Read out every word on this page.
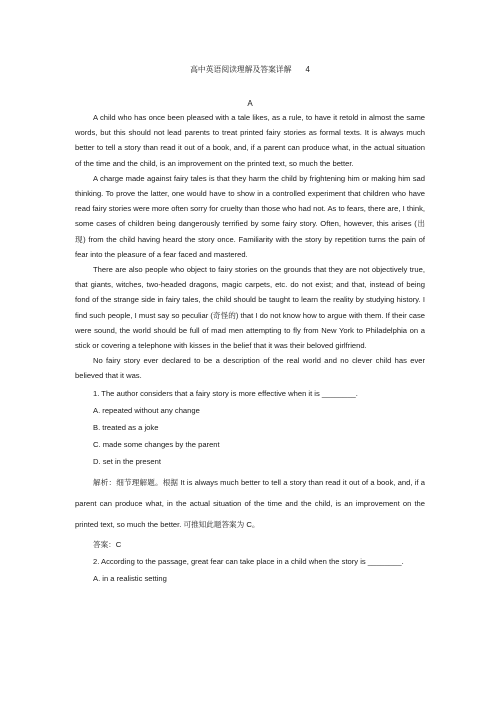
高中英语阅读理解及答案详解 4
A

A child who has once been pleased with a tale likes, as a rule, to have it retold in almost the same words, but this should not lead parents to treat printed fairy stories as formal texts. It is always much better to tell a story than read it out of a book, and, if a parent can produce what, in the actual situation of the time and the child, is an improvement on the printed text, so much the better.

A charge made against fairy tales is that they harm the child by frightening him or making him sad thinking. To prove the latter, one would have to show in a controlled experiment that children who have read fairy stories were more often sorry for cruelty than those who had not. As to fears, there are, I think, some cases of children being dangerously terrified by some fairy story. Often, however, this arises (出现) from the child having heard the story once. Familiarity with the story by repetition turns the pain of fear into the pleasure of a fear faced and mastered.

There are also people who object to fairy stories on the grounds that they are not objectively true, that giants, witches, two-headed dragons, magic carpets, etc. do not exist; and that, instead of being fond of the strange side in fairy tales, the child should be taught to learn the reality by studying history. I find such people, I must say so peculiar (奇怪的) that I do not know how to argue with them. If their case were sound, the world should be full of mad men attempting to fly from New York to Philadelphia on a stick or covering a telephone with kisses in the belief that it was their beloved girlfriend.

No fairy story ever declared to be a description of the real world and no clever child has ever believed that it was.

1. The author considers that a fairy story is more effective when it is ________.

A. repeated without any change

B. treated as a joke

C. made some changes by the parent

D. set in the present

解析：细节理解题。根据 It is always much better to tell a story than read it out of a book, and, if a parent can produce what, in the actual situation of the time and the child, is an improvement on the printed text, so much the better. 可推知此题答案为 C。

答案：C

2. According to the passage, great fear can take place in a child when the story is ________.

A. in a realistic setting
